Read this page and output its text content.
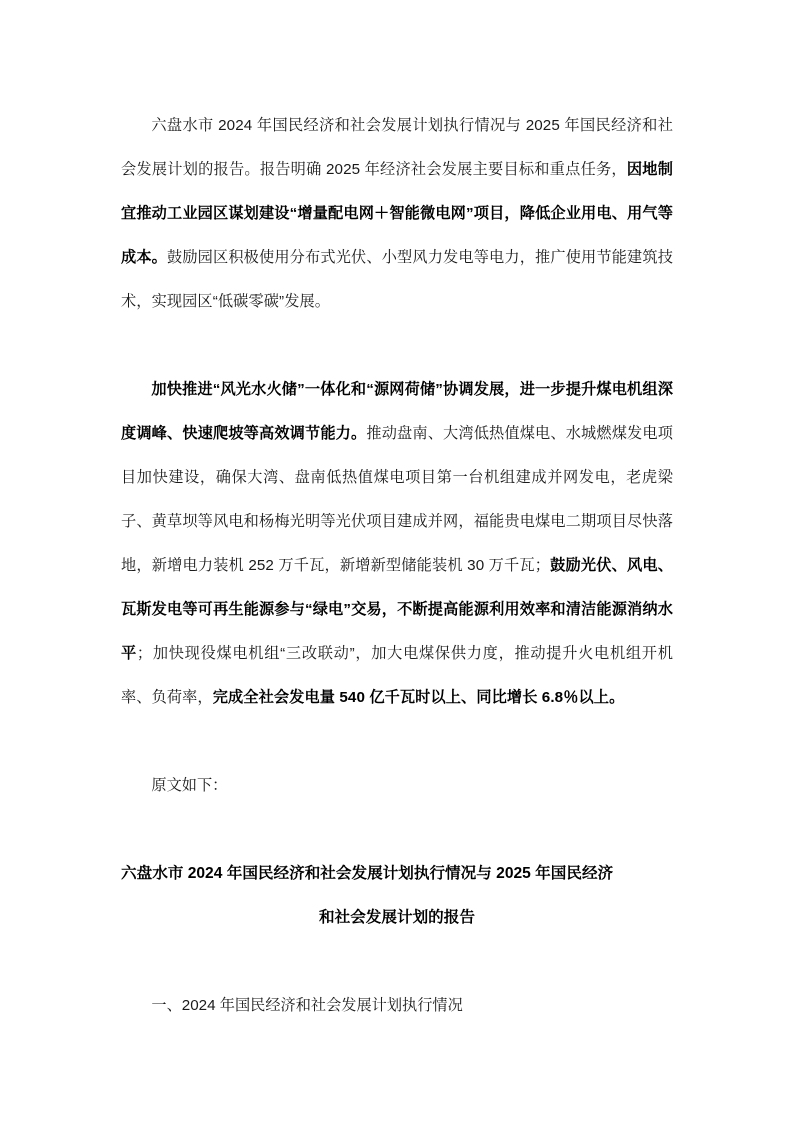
六盘水市 2024 年国民经济和社会发展计划执行情况与 2025 年国民经济和社会发展计划的报告。报告明确 2025 年经济社会发展主要目标和重点任务，因地制宜推动工业园区谋划建设“增量配电网＋智能微电网”项目，降低企业用电、用气等成本。鼓励园区积极使用分布式光伏、小型风力发电等电力，推广使用节能建筑技术，实现园区“低碳零碳”发展。

加快推进“风光水火储”一体化和“源网荷储”协调发展，进一步提升煤电机组深度调峰、快速爬坡等高效调节能力。推动盘南、大湾低热值煤电、水城燃煤发电项目加快建设，确保大湾、盘南低热值煤电项目第一台机组建成并网发电，老虎梁子、黄草坝等风电和杨梅光明等光伏项目建成并网，福能贵电煤电二期项目尽快落地，新增电力装机 252 万千瓦，新增新型储能装机 30 万千瓦；鼓励光伏、风电、瓦斯发电等可再生能源参与“绿电”交易，不断提高能源利用效率和清洁能源消纳水平；加快现役煤电机组“三改联动”，加大电煤保供力度，推动提升火电机组开机率、负荷率，完成全社会发电量 540 亿千瓦时以上、同比增长 6.8％以上。

原文如下：

六盘水市 2024 年国民经济和社会发展计划执行情况与 2025 年国民经济
和社会发展计划的报告

一、2024 年国民经济和社会发展计划执行情况
